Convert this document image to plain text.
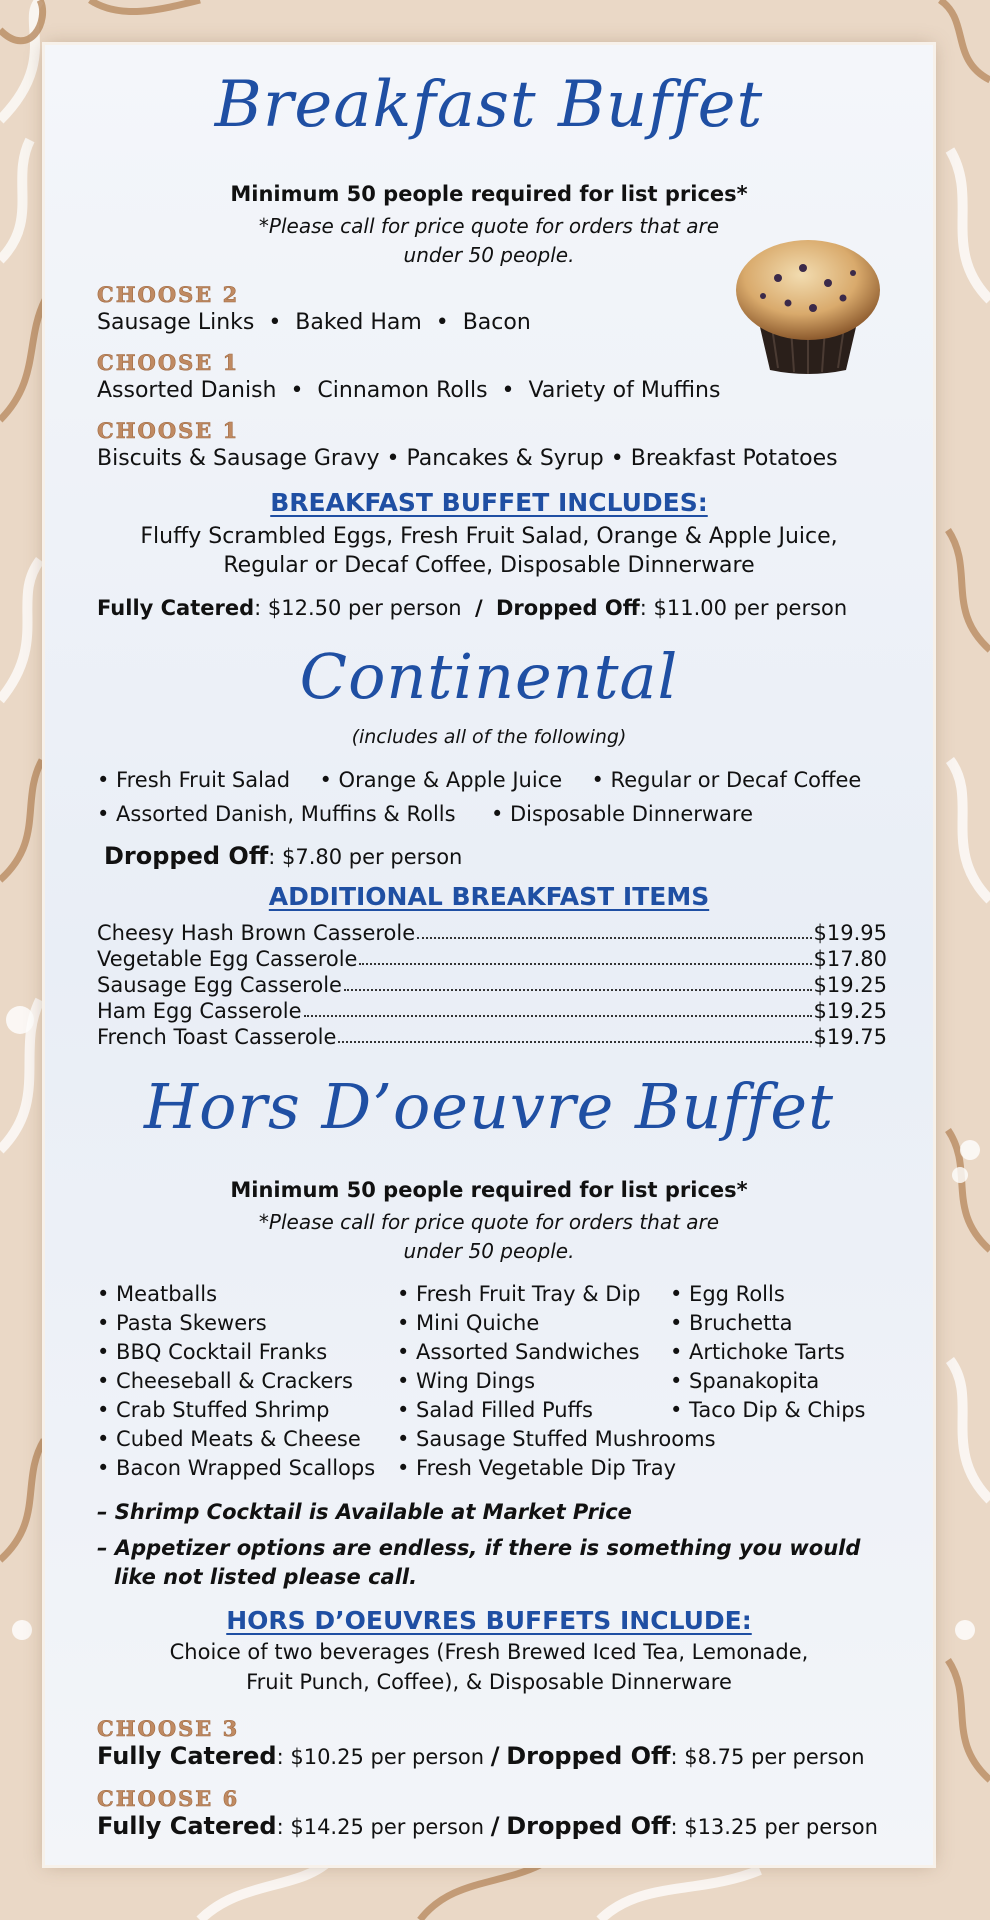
Breakfast Buffet
Minimum 50 people required for list prices*
*Please call for price quote for orders that are
under 50 people.
CHOOSE 2
Sausage Links  •  Baked Ham  •  Bacon
CHOOSE 1
Assorted Danish  •  Cinnamon Rolls  •  Variety of Muffins
CHOOSE 1
Biscuits & Sausage Gravy • Pancakes & Syrup • Breakfast Potatoes
BREAKFAST BUFFET INCLUDES:
Fluffy Scrambled Eggs, Fresh Fruit Salad, Orange & Apple Juice,
Regular or Decaf Coffee, Disposable Dinnerware
Fully Catered: $12.50 per person / Dropped Off: $11.00 per person
Continental
(includes all of the following)
• Fresh Fruit Salad • Orange & Apple Juice • Regular or Decaf Coffee
• Assorted Danish, Muffins & Rolls • Disposable Dinnerware
Dropped Off: $7.80 per person
ADDITIONAL BREAKFAST ITEMS
Cheesy Hash Brown Casserole	$19.95
Vegetable Egg Casserole	$17.80
Sausage Egg Casserole	$19.25
Ham Egg Casserole	$19.25
French Toast Casserole	$19.75
Hors D’oeuvre Buffet
Minimum 50 people required for list prices*
*Please call for price quote for orders that are
under 50 people.
• Meatballs
• Pasta Skewers
• BBQ Cocktail Franks
• Cheeseball & Crackers
• Crab Stuffed Shrimp
• Cubed Meats & Cheese
• Bacon Wrapped Scallops
• Fresh Fruit Tray & Dip
• Mini Quiche
• Assorted Sandwiches
• Wing Dings
• Salad Filled Puffs
• Sausage Stuffed Mushrooms
• Fresh Vegetable Dip Tray
• Egg Rolls
• Bruchetta
• Artichoke Tarts
• Spanakopita
• Taco Dip & Chips
– Shrimp Cocktail is Available at Market Price
– Appetizer options are endless, if there is something you would
like not listed please call.
HORS D’OEUVRES BUFFETS INCLUDE:
Choice of two beverages (Fresh Brewed Iced Tea, Lemonade,
Fruit Punch, Coffee), & Disposable Dinnerware
CHOOSE 3
Fully Catered: $10.25 per person / Dropped Off: $8.75 per person
CHOOSE 6
Fully Catered: $14.25 per person / Dropped Off: $13.25 per person
